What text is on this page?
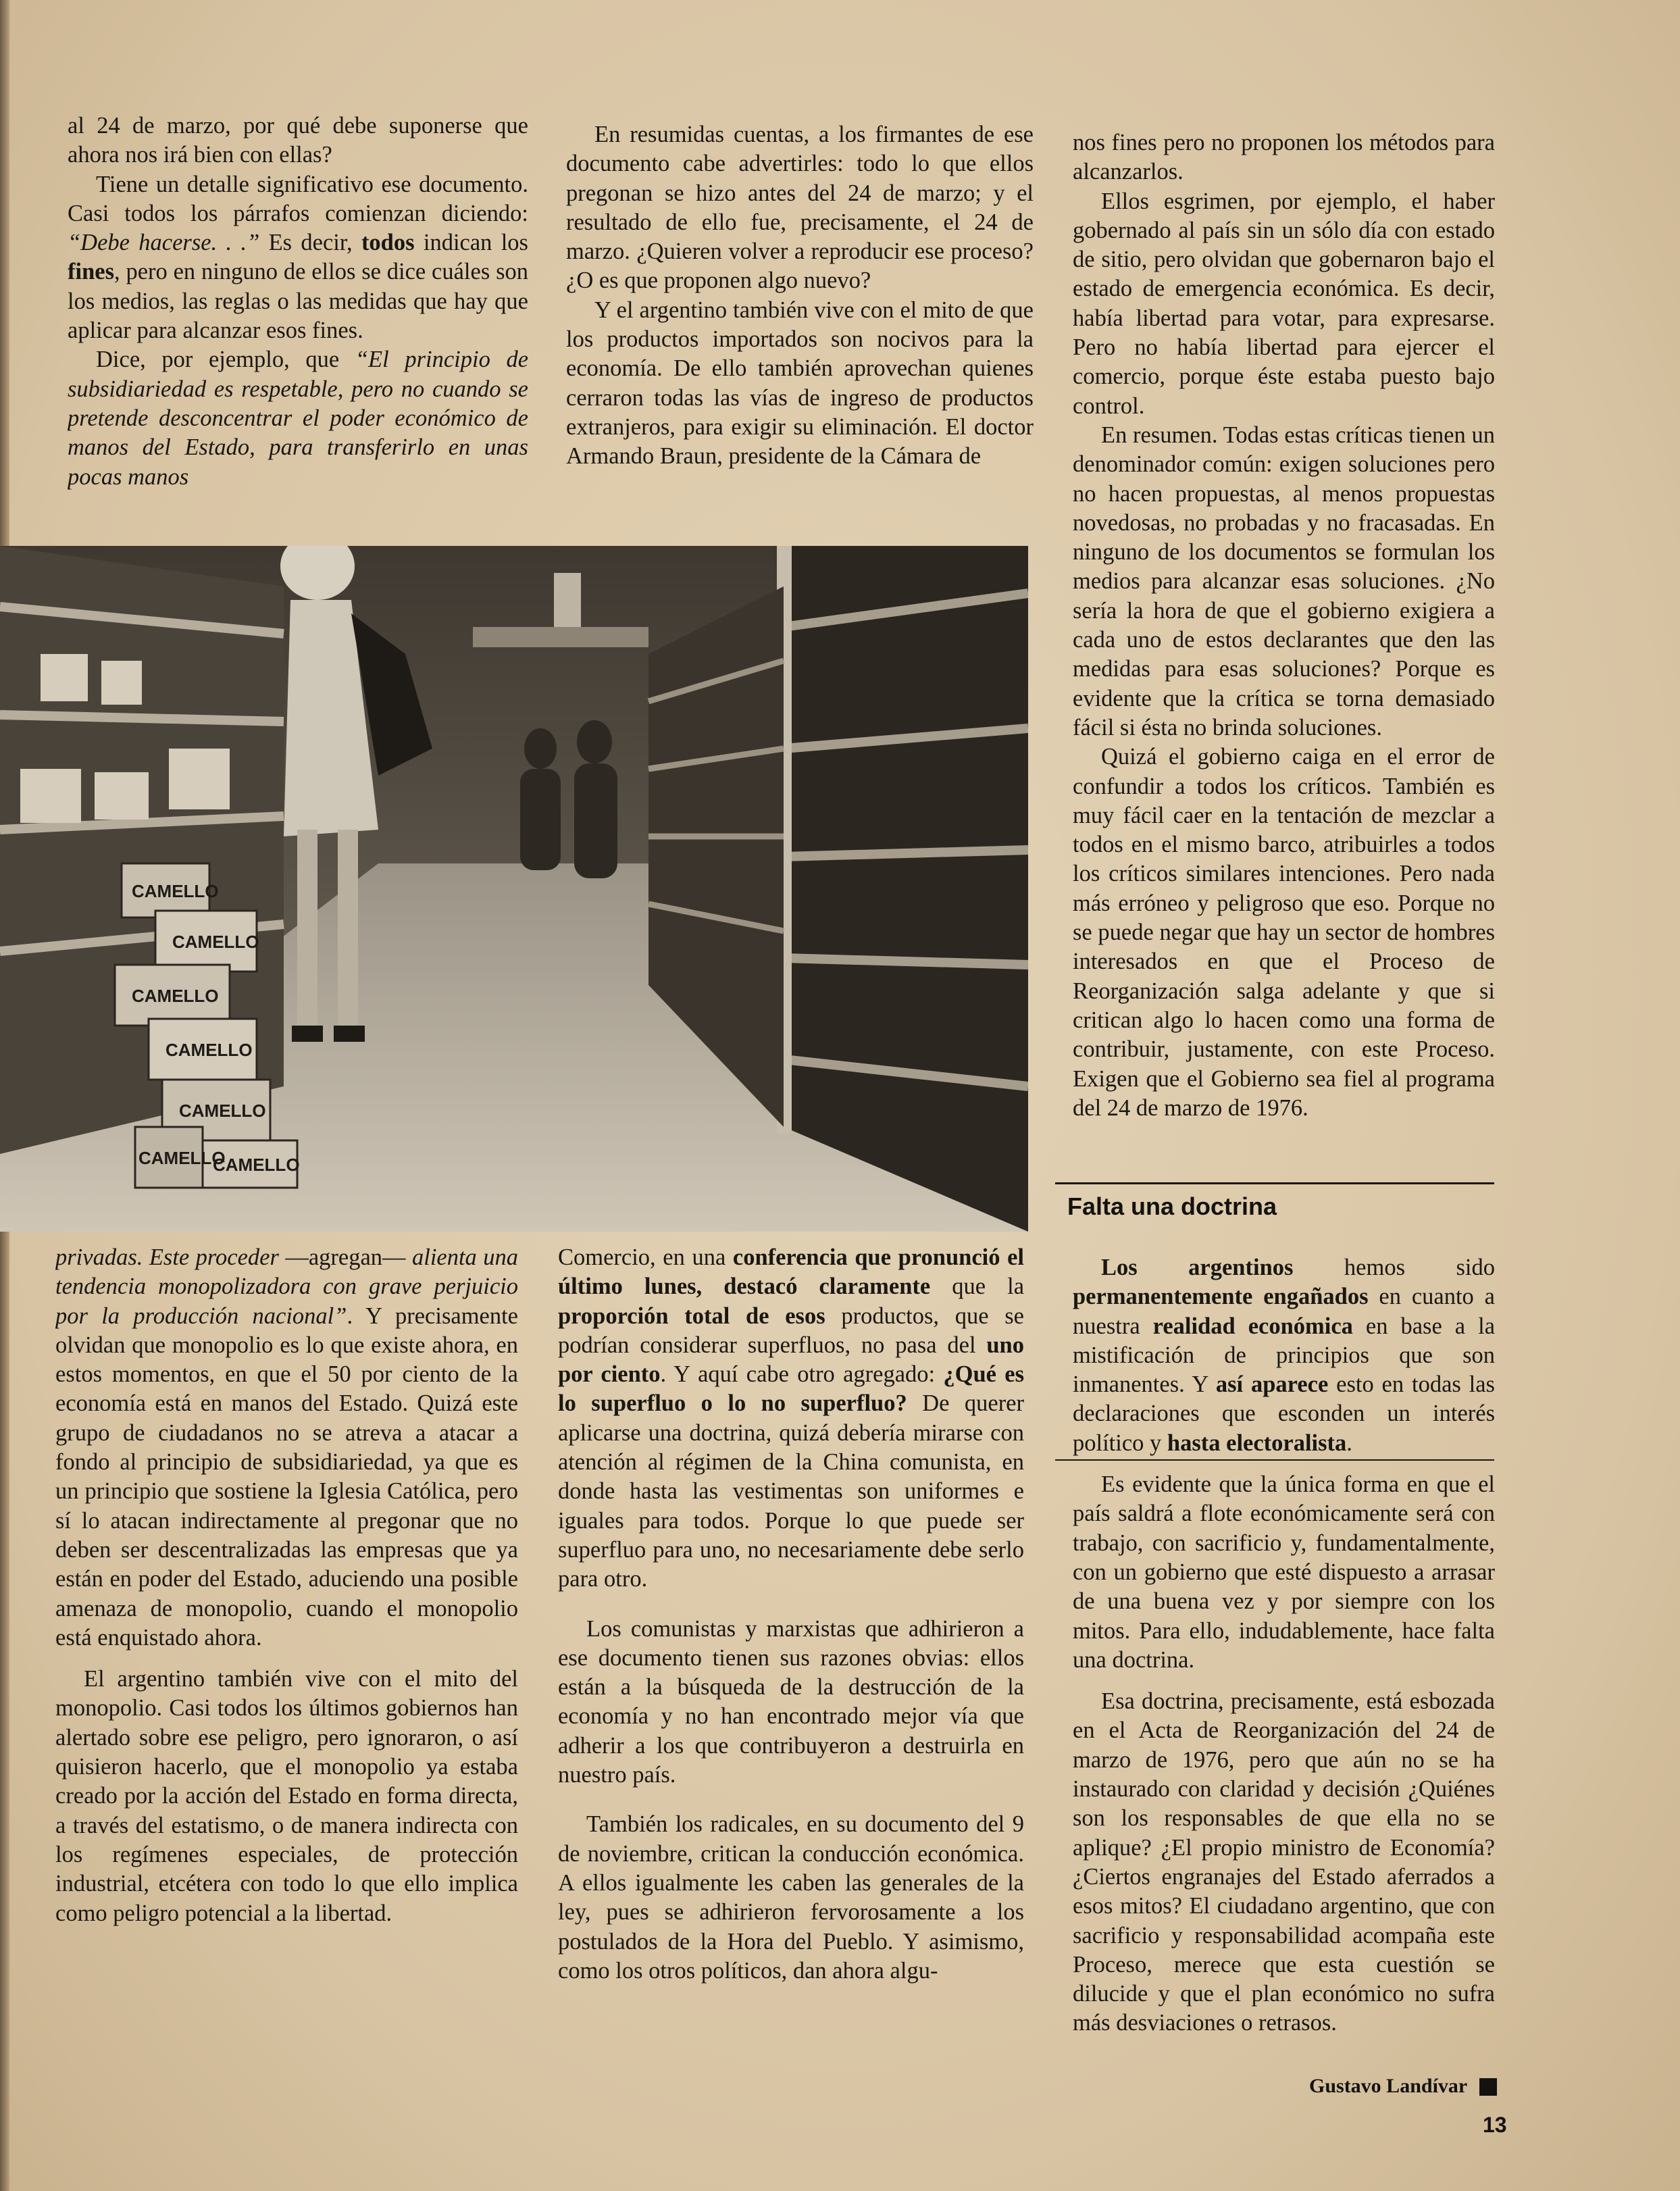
al 24 de marzo, por qué debe suponerse que ahora nos irá bien con ellas?

Tiene un detalle significativo ese documento. Casi todos los párrafos comienzan diciendo: “Debe hacerse. . .” Es decir, todos indican los fines, pero en ninguno de ellos se dice cuáles son los medios, las reglas o las medidas que hay que aplicar para alcanzar esos fines.

Dice, por ejemplo, que “El principio de subsidiariedad es respetable, pero no cuando se pretende desconcentrar el poder económico de manos del Estado, para transferirlo en unas pocas manos

En resumidas cuentas, a los firmantes de ese documento cabe advertirles: todo lo que ellos pregonan se hizo antes del 24 de marzo; y el resultado de ello fue, precisamente, el 24 de marzo. ¿Quieren volver a reproducir ese proceso? ¿O es que proponen algo nuevo?

Y el argentino también vive con el mito de que los productos importados son nocivos para la economía. De ello también aprovechan quienes cerraron todas las vías de ingreso de productos extranjeros, para exigir su eliminación. El doctor Armando Braun, presidente de la Cámara de

nos fines pero no proponen los métodos para alcanzarlos.

Ellos esgrimen, por ejemplo, el haber gobernado al país sin un sólo día con estado de sitio, pero olvidan que gobernaron bajo el estado de emergencia económica. Es decir, había libertad para votar, para expresarse. Pero no había libertad para ejercer el comercio, porque éste estaba puesto bajo control.

En resumen. Todas estas críticas tienen un denominador común: exigen soluciones pero no hacen propuestas, al menos propuestas novedosas, no probadas y no fracasadas. En ninguno de los documentos se formulan los medios para alcanzar esas soluciones. ¿No sería la hora de que el gobierno exigiera a cada uno de estos declarantes que den las medidas para esas soluciones? Porque es evidente que la crítica se torna demasiado fácil si ésta no brinda soluciones.

Quizá el gobierno caiga en el error de confundir a todos los críticos. También es muy fácil caer en la tentación de mezclar a todos en el mismo barco, atribuirles a todos los críticos similares intenciones. Pero nada más erróneo y peligroso que eso. Porque no se puede negar que hay un sector de hombres interesados en que el Proceso de Reorganización salga adelante y que si critican algo lo hacen como una forma de contribuir, justamente, con este Proceso. Exigen que el Gobierno sea fiel al programa del 24 de marzo de 1976.

CAMELLO
CAMELLO
CAMELLO
CAMELLO
CAMELLO
CAMELLO
CAMELLO
Falta una doctrina

Los argentinos hemos sido permanentemente engañados en cuanto a nuestra realidad económica en base a la mistificación de principios que son inmanentes. Y así aparece esto en todas las declaraciones que esconden un interés político y hasta electoralista.

Es evidente que la única forma en que el país saldrá a flote económicamente será con trabajo, con sacrificio y, fundamentalmente, con un gobierno que esté dispuesto a arrasar de una buena vez y por siempre con los mitos. Para ello, indudablemente, hace falta una doctrina.

Esa doctrina, precisamente, está esbozada en el Acta de Reorganización del 24 de marzo de 1976, pero que aún no se ha instaurado con claridad y decisión ¿Quiénes son los responsables de que ella no se aplique? ¿El propio ministro de Economía? ¿Ciertos engranajes del Estado aferrados a esos mitos? El ciudadano argentino, que con sacrificio y responsabilidad acompaña este Proceso, merece que esta cuestión se dilucide y que el plan económico no sufra más desviaciones o retrasos.

privadas. Este proceder —agregan— alienta una tendencia monopolizadora con grave perjuicio por la producción nacional”. Y precisamente olvidan que monopolio es lo que existe ahora, en estos momentos, en que el 50 por ciento de la economía está en manos del Estado. Quizá este grupo de ciudadanos no se atreva a atacar a fondo al principio de subsidiariedad, ya que es un principio que sostiene la Iglesia Católica, pero sí lo atacan indirectamente al pregonar que no deben ser descentralizadas las empresas que ya están en poder del Estado, aduciendo una posible amenaza de monopolio, cuando el monopolio está enquistado ahora.

El argentino también vive con el mito del monopolio. Casi todos los últimos gobiernos han alertado sobre ese peligro, pero ignoraron, o así quisieron hacerlo, que el monopolio ya estaba creado por la acción del Estado en forma directa, a través del estatismo, o de manera indirecta con los regímenes especiales, de protección industrial, etcétera con todo lo que ello implica como peligro potencial a la libertad.

Comercio, en una conferencia que pronunció el último lunes, destacó claramente que la proporción total de esos productos, que se podrían considerar superfluos, no pasa del uno por ciento. Y aquí cabe otro agregado: ¿Qué es lo superfluo o lo no superfluo? De querer aplicarse una doctrina, quizá debería mirarse con atención al régimen de la China comunista, en donde hasta las vestimentas son uniformes e iguales para todos. Porque lo que puede ser superfluo para uno, no necesariamente debe serlo para otro.

Los comunistas y marxistas que adhirieron a ese documento tienen sus razones obvias: ellos están a la búsqueda de la destrucción de la economía y no han encontrado mejor vía que adherir a los que contribuyeron a destruirla en nuestro país.

También los radicales, en su documento del 9 de noviembre, critican la conducción económica. A ellos igualmente les caben las generales de la ley, pues se adhirieron fervorosamente a los postulados de la Hora del Pueblo. Y asimismo, como los otros políticos, dan ahora algu-

Gustavo Landívar
13
